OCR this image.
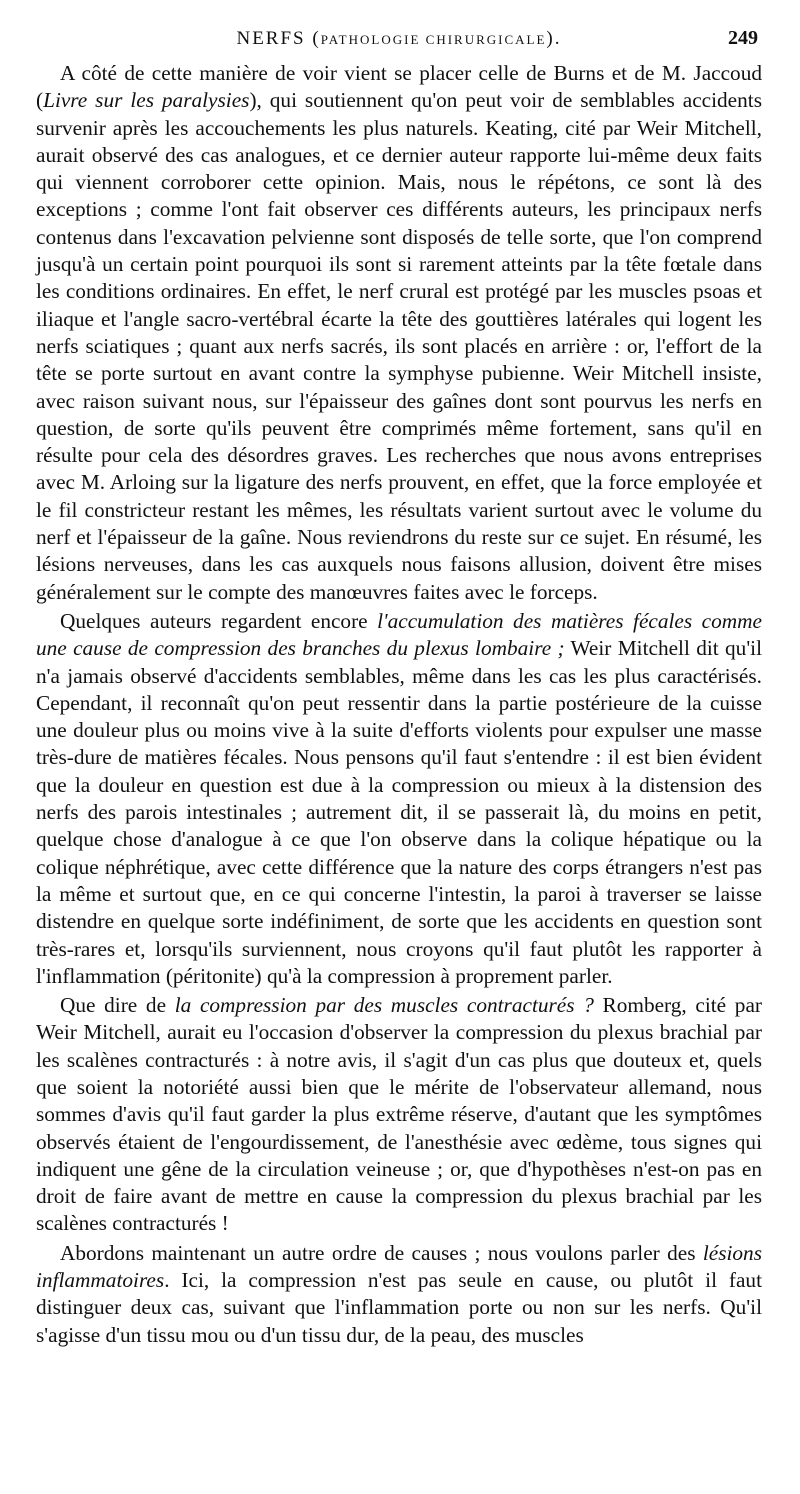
NERFS (PATHOLOGIE CHIRURGICALE).	249

A côté de cette manière de voir vient se placer celle de Burns et de M. Jaccoud (Livre sur les paralysies), qui soutiennent qu'on peut voir de semblables accidents survenir après les accouchements les plus naturels. Keating, cité par Weir Mitchell, aurait observé des cas analogues, et ce dernier auteur rapporte lui-même deux faits qui viennent corroborer cette opinion. Mais, nous le répétons, ce sont là des exceptions ; comme l'ont fait observer ces différents auteurs, les principaux nerfs contenus dans l'excavation pelvienne sont disposés de telle sorte, que l'on comprend jusqu'à un certain point pourquoi ils sont si rarement atteints par la tête fœtale dans les conditions ordinaires. En effet, le nerf crural est protégé par les muscles psoas et iliaque et l'angle sacro-vertébral écarte la tête des gouttières latérales qui logent les nerfs sciatiques ; quant aux nerfs sacrés, ils sont placés en arrière : or, l'effort de la tête se porte surtout en avant contre la symphyse pubienne. Weir Mitchell insiste, avec raison suivant nous, sur l'épaisseur des gaînes dont sont pourvus les nerfs en question, de sorte qu'ils peuvent être comprimés même fortement, sans qu'il en résulte pour cela des désordres graves. Les recherches que nous avons entreprises avec M. Arloing sur la ligature des nerfs prouvent, en effet, que la force employée et le fil constricteur restant les mêmes, les résultats varient surtout avec le volume du nerf et l'épaisseur de la gaîne. Nous reviendrons du reste sur ce sujet. En résumé, les lésions nerveuses, dans les cas auxquels nous faisons allusion, doivent être mises généralement sur le compte des manœuvres faites avec le forceps.

Quelques auteurs regardent encore l'accumulation des matières fécales comme une cause de compression des branches du plexus lombaire ; Weir Mitchell dit qu'il n'a jamais observé d'accidents semblables, même dans les cas les plus caractérisés. Cependant, il reconnaît qu'on peut ressentir dans la partie postérieure de la cuisse une douleur plus ou moins vive à la suite d'efforts violents pour expulser une masse très-dure de matières fécales. Nous pensons qu'il faut s'entendre : il est bien évident que la douleur en question est due à la compression ou mieux à la distension des nerfs des parois intestinales ; autrement dit, il se passerait là, du moins en petit, quelque chose d'analogue à ce que l'on observe dans la colique hépatique ou la colique néphrétique, avec cette différence que la nature des corps étrangers n'est pas la même et surtout que, en ce qui concerne l'intestin, la paroi à traverser se laisse distendre en quelque sorte indéfiniment, de sorte que les accidents en question sont très-rares et, lorsqu'ils surviennent, nous croyons qu'il faut plutôt les rapporter à l'inflammation (péritonite) qu'à la compression à proprement parler.

Que dire de la compression par des muscles contracturés ? Romberg, cité par Weir Mitchell, aurait eu l'occasion d'observer la compression du plexus brachial par les scalènes contracturés : à notre avis, il s'agit d'un cas plus que douteux et, quels que soient la notoriété aussi bien que le mérite de l'observateur allemand, nous sommes d'avis qu'il faut garder la plus extrême réserve, d'autant que les symptômes observés étaient de l'engourdissement, de l'anesthésie avec œdème, tous signes qui indiquent une gêne de la circulation veineuse ; or, que d'hypothèses n'est-on pas en droit de faire avant de mettre en cause la compression du plexus brachial par les scalènes contracturés !

Abordons maintenant un autre ordre de causes ; nous voulons parler des lésions inflammatoires. Ici, la compression n'est pas seule en cause, ou plutôt il faut distinguer deux cas, suivant que l'inflammation porte ou non sur les nerfs. Qu'il s'agisse d'un tissu mou ou d'un tissu dur, de la peau, des muscles
